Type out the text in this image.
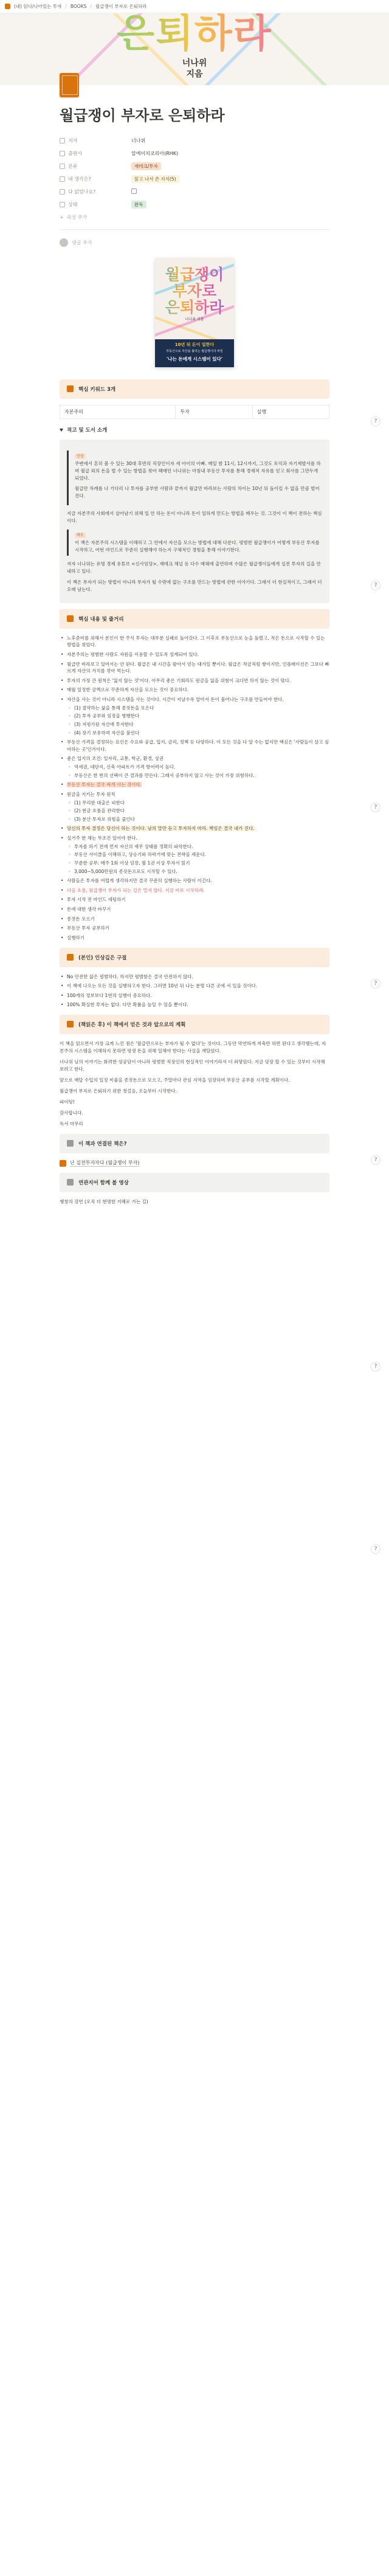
(내) 읽다/나아있는 투자 / BOOKS / 월급쟁이 부자로 은퇴하라
은퇴하라
너나위
지음
월급쟁이 부자로 은퇴하라
저자	너나위
출판사	알에이치코리아(RHK)
분류	재테크/투자
내 생각은?	읽고 나서 쓴 지식(5)
다 읽었나요?
상태	완독
+ 속성 추가
댓글 추가
월급쟁이
부자로
은퇴하라
너나위 지음
10년 뒤 돈이 일한다
부동산으로 자산을 불리는 월급쟁이의 비밀
'나는 돈에게 시스템이 있다'
핵심 키워드 3개
자본주의	투자	실행
?
적고 및 도서 소개
인상
주변에서 흔히 볼 수 있는 30대 후반의 직장인이자 세 아이의 아빠. 매일 밤 11시, 12시까지, 그것도 토익과 자기계발서를 하며 월급 외의 돈을 벌 수 있는 방법을 찾아 헤매던 너나위는 마침내 부동산 투자를 통해 경제적 자유를 얻고 회사를 그만두게 되었다.
월급만 차례를 나 기다리 나 투자를 공부한 사람과 끝까지 월급만 바라보는 사람의 차이는 10년 뒤 돌이킬 수 없을 만큼 벌어진다.
지금 자본주의 사회에서 살아남기 위해 일 안 하는 돈이 아니라 돈이 일하게 만드는 방법을 배우는 것. 그것이 이 책이 전하는 핵심이다.
메모
이 책은 자본주의 시스템을 이해하고 그 안에서 자산을 모으는 방법에 대해 다룬다. 평범한 월급쟁이가 어떻게 부동산 투자를 시작하고, 어떤 마인드로 꾸준히 실행해야 하는지 구체적인 경험을 통해 이야기한다.
저자 너나위는 유명 경제 유튜브 <신사임당>, 재테크 채널 등 다수 매체에 출연하며 수많은 월급쟁이들에게 실전 투자의 길을 안내하고 있다.
이 책은 부자가 되는 방법이 아니라 부자가 될 수밖에 없는 구조를 만드는 방법에 관한 이야기다. 그래서 더 현실적이고, 그래서 더 오래 남는다.
?
핵심 내용 및 줄거리
• 노후준비를 위해서 본인이 한 주식 투자는 대부분 실패로 돌아갔다. 그 이후로 부동산으로 눈을 돌렸고, 적은 돈으로 시작할 수 있는 방법을 찾았다.
• 자본주의는 평범한 사람도 자원을 이용할 수 있도록 설계되어 있다.
• 월급만 바라보고 있어서는 안 된다. 월급은 내 시간을 팔아서 얻는 대가일 뿐이다. 월급은 적금처럼 쌓이지만, 인플레이션은 그보다 빠르게 자산의 가치를 깎아 먹는다.
• 투자의 가장 큰 원칙은 '잃지 않는 것'이다. 아무리 좋은 기회라도 원금을 잃을 위험이 크다면 하지 않는 것이 맞다.
• 매월 일정한 금액으로 꾸준하게 자산을 모으는 것이 중요하다.
• 자산을 사는 것이 아니라 시스템을 사는 것이다. 시간이 지날수록 알아서 돈이 불어나는 구조를 만들어야 한다.
◦ (1) 절약하는 삶을 통해 종잣돈을 모은다
◦ (2) 투자 공부와 임장을 병행한다
◦ (3) 저평가된 자산에 투자한다
◦ (4) 장기 보유하며 자산을 불린다
?
• 부동산 가격을 결정하는 요인은 수요와 공급, 입지, 금리, 정책 등 다양하다. 이 모든 것을 다 알 수는 없지만 핵심은 '사람들이 살고 싶어하는 곳'인가이다.
• 좋은 입지의 조건: 일자리, 교통, 학군, 환경, 상권
◦ 역세권, 대단지, 신축 아파트가 가격 방어력이 높다.
◦ 부동산은 한 번의 선택이 큰 결과를 만든다. 그래서 공부하지 않고 사는 것이 가장 위험하다.
• 부동산 투자는 결국 싸게 사는 것이다.
• 원금을 지키는 투자 원칙
◦ (1) 무리한 대출은 피한다
◦ (2) 현금 흐름을 관리한다
◦ (3) 분산 투자로 위험을 줄인다
?
• 당신의 투자 결정은 당신이 하는 것이다. 남의 말만 듣고 투자하지 마라. 책임은 결국 내가 진다.
• 실거주 한 채는 무조건 있어야 한다.
◦ 투자를 하기 전에 먼저 자신의 재무 상태를 정확히 파악한다.
◦ 부동산 사이클을 이해하고, 상승기와 하락기에 맞는 전략을 세운다.
◦ 꾸준한 공부: 매주 1회 이상 임장, 월 1권 이상 투자서 읽기
◦ 3,000~5,000만원의 종잣돈으로도 시작할 수 있다.
• 사람들은 투자를 어렵게 생각하지만 결국 꾸준히 실행하는 사람이 이긴다.
• 다음 흐름, 월급쟁이 부자가 되는 길은 멀지 않다. 지금 바로 시작하라.
?
• 투자 시작 전 마인드 세팅하기
• 돈에 대한 생각 바꾸기
• 종잣돈 모으기
• 부동산 투자 공부하기
• 실행하기
(본인) 인상깊은 구절
• No 안전한 삶은 평범하다. 하지만 평범함은 결국 안전하지 않다.
• 이 책에 나오는 모든 것을 실행하고자 한다. 그러면 10년 뒤 나는 분명 다른 곳에 서 있을 것이다.
• 100개의 정보보다 1번의 실행이 중요하다.
• 100% 확실한 투자는 없다. 다만 확률을 높일 수 있을 뿐이다.
?
(책읽은 후) 이 책에서 얻은 것과 앞으로의 계획
이 책을 읽으면서 가장 크게 느낀 점은 '월급만으로는 부자가 될 수 없다'는 것이다. 그동안 막연하게 저축만 하면 된다고 생각했는데, 자본주의 시스템을 이해하지 못하면 평생 돈을 위해 일해야 한다는 사실을 깨달았다.
너나위 님의 이야기는 화려한 성공담이 아니라 평범한 직장인의 현실적인 이야기라서 더 와닿았다. 지금 당장 할 수 있는 것부터 시작해 보려고 한다.
앞으로 매달 수입의 일정 비율을 종잣돈으로 모으고, 주말마다 관심 지역을 임장하며 부동산 공부를 시작할 계획이다.
월급쟁이 부자로 은퇴하기 위한 첫걸음, 오늘부터 시작한다.
파이팅!
감사합니다.
독서 마무리
?
이 책과 연결된 책은?
난 실전투자자다 (월급쟁이 부자)
연관지어 함께 볼 영상
쌩창의 강연 (오직 더 현명한 지혜로 가는 길)
